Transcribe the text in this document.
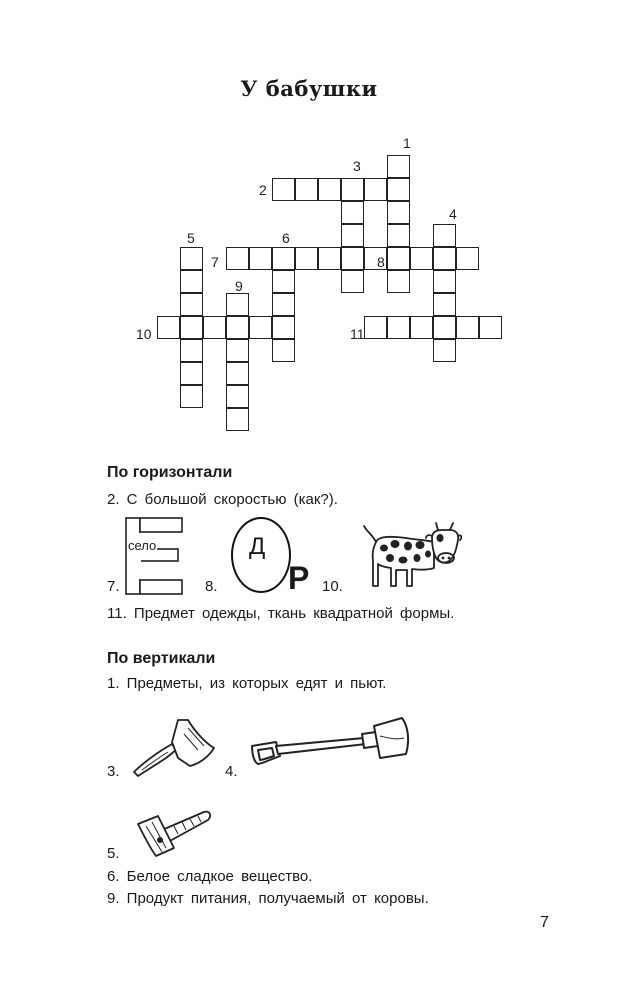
У бабушки
1
2
3
4
5	6
7	8
9
10	11
По горизонтали
2. С большой скоростью (как?).
7.
село
8.
Д
Р 10.
11. Предмет одежды, ткань квадратной формы.
По вертикали
1. Предметы, из которых едят и пьют.
3.	4.
5.
6. Белое сладкое вещество.
9. Продукт питания, получаемый от коровы.
7
